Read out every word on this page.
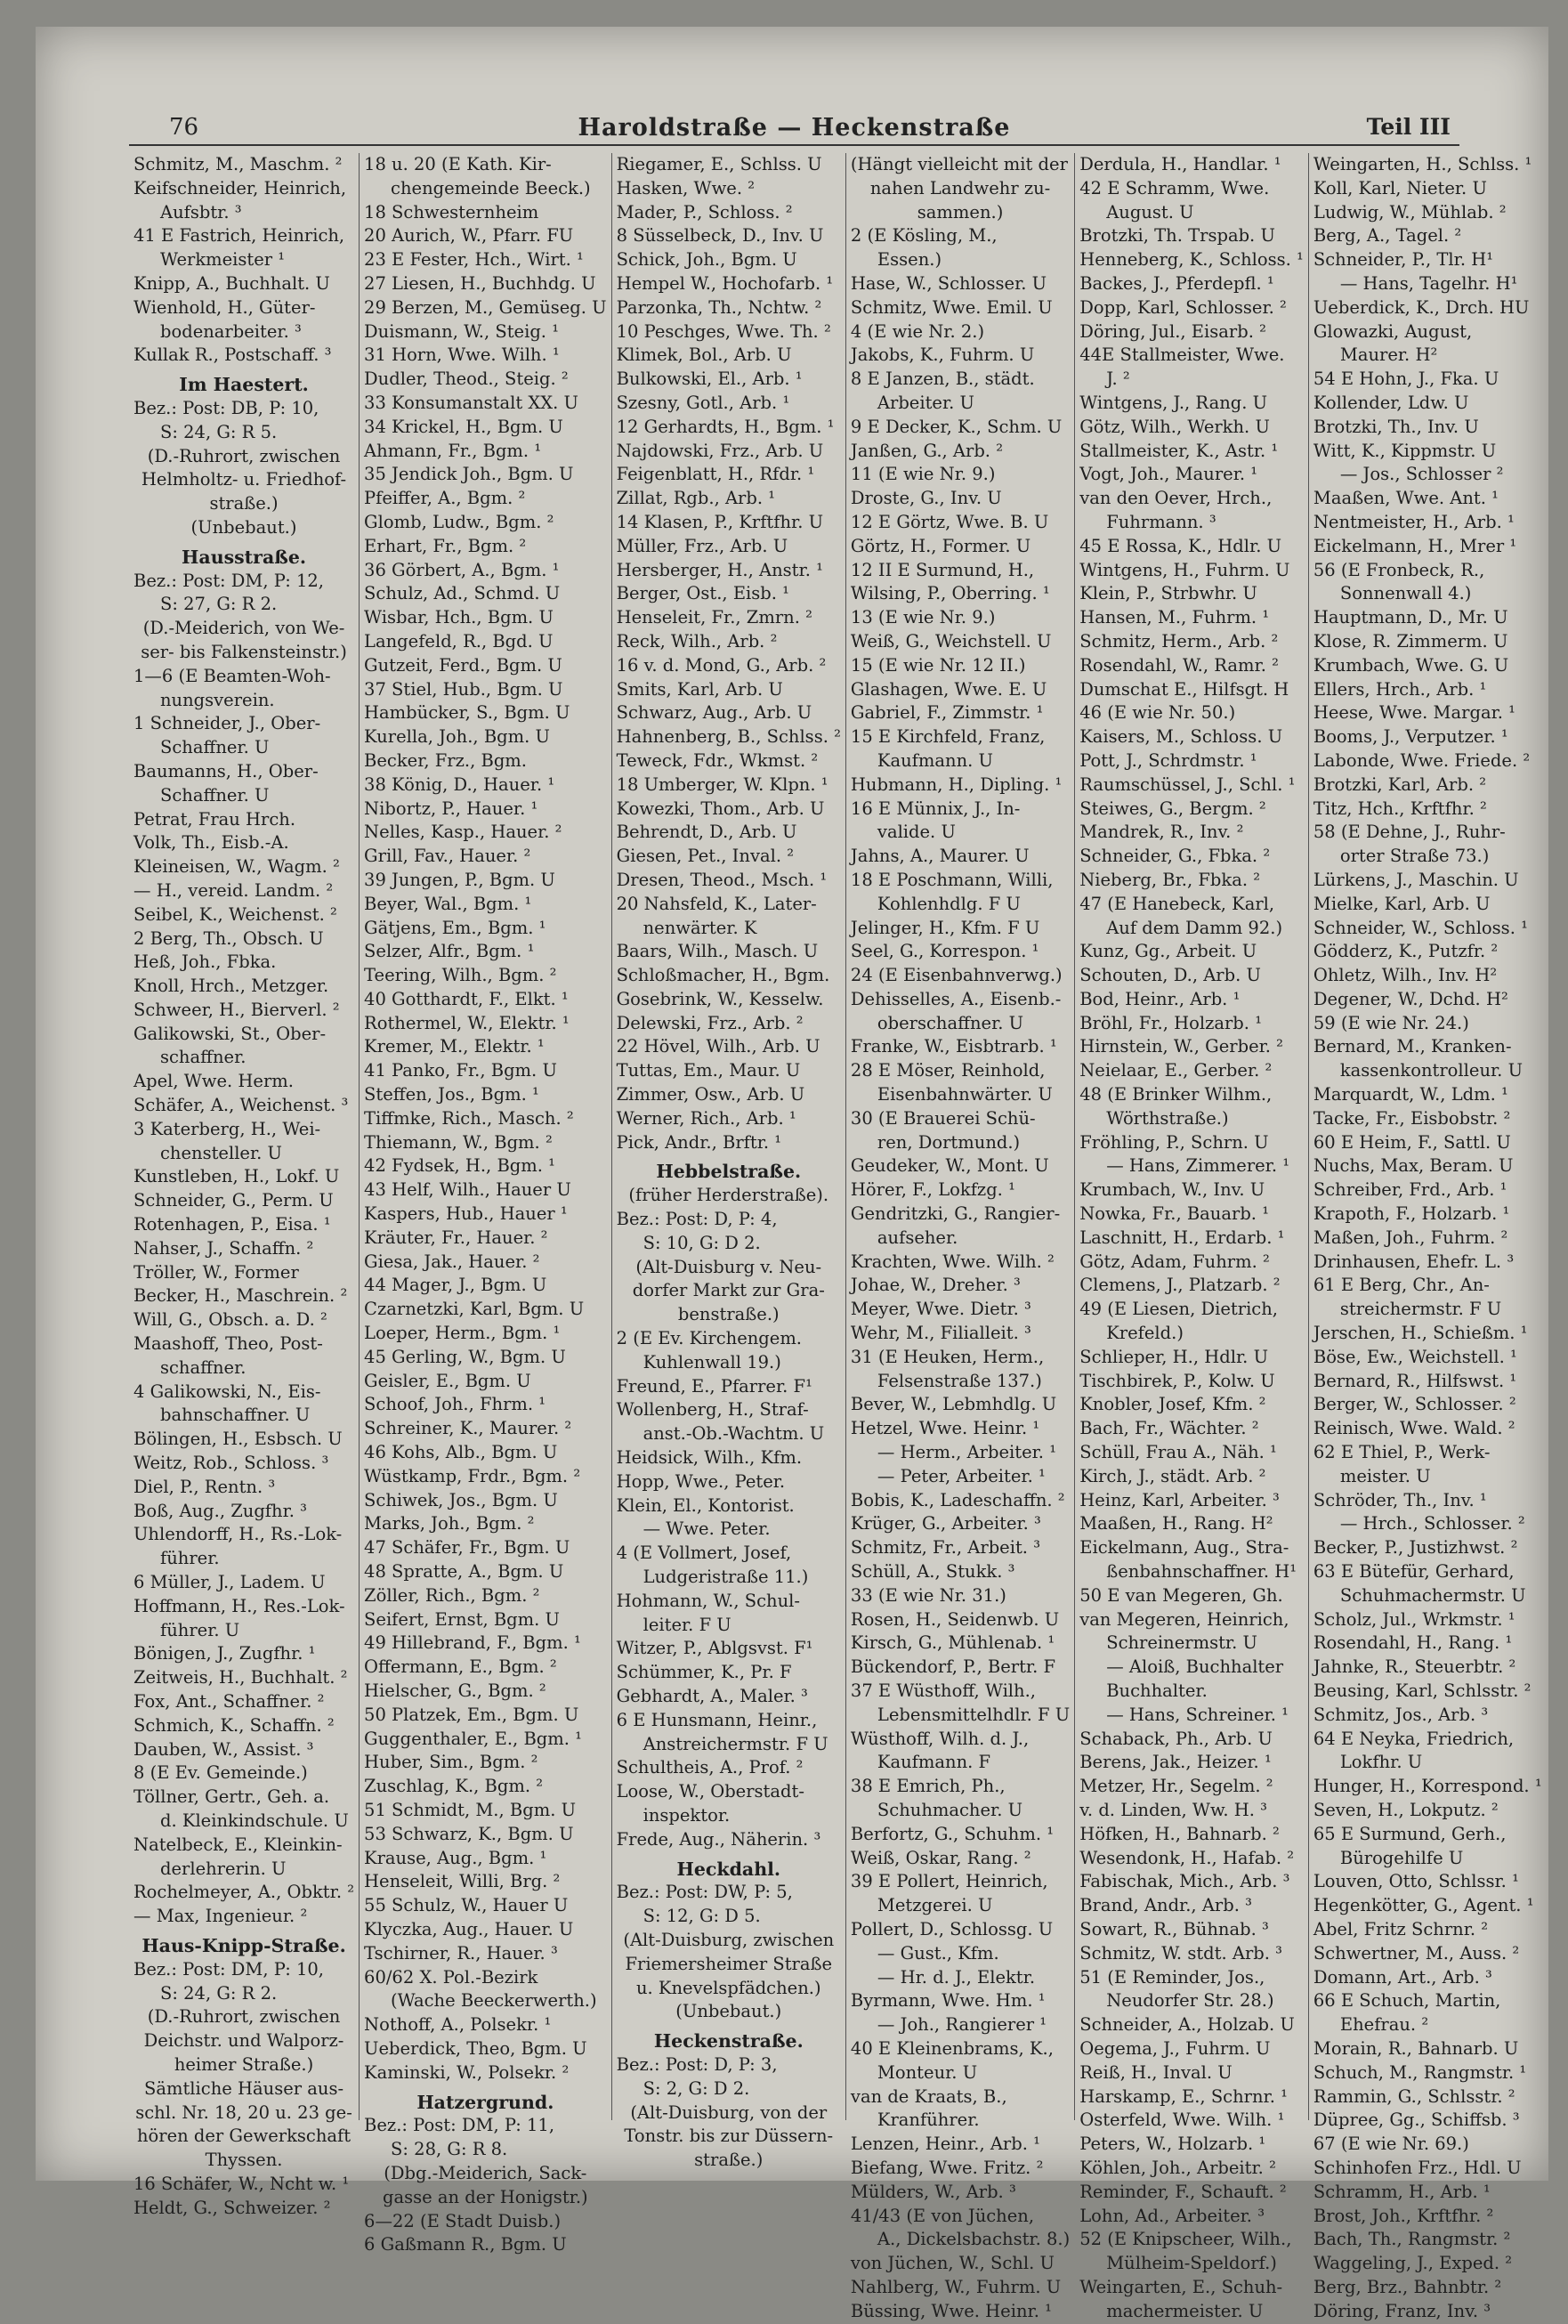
76	Haroldstraße — Heckenstraße	Teil III
Schmitz, M., Maschm. ²
Keifschneider, Heinrich,
Aufsbtr. ³
41 E Fastrich, Heinrich,
Werkmeister ¹
Knipp, A., Buchhalt. U
Wienhold, H., Güter-
bodenarbeiter. ³
Kullak R., Postschaff. ³
Im Haestert.
Bez.: Post: DB, P: 10,
S: 24, G: R 5.
(D.-Ruhrort, zwischen
Helmholtz- u. Friedhof-
straße.)
(Unbebaut.)
Hausstraße.
Bez.: Post: DM, P: 12,
S: 27, G: R 2.
(D.-Meiderich, von We-
ser- bis Falkensteinstr.)
1—6 (E Beamten-Woh-
nungsverein.
1 Schneider, J., Ober-
Schaffner. U
Baumanns, H., Ober-
Schaffner. U
Petrat, Frau Hrch.
Volk, Th., Eisb.-A.
Kleineisen, W., Wagm. ²
— H., vereid. Landm. ²
Seibel, K., Weichenst. ²
2 Berg, Th., Obsch. U
Heß, Joh., Fbka.
Knoll, Hrch., Metzger.
Schweer, H., Bierverl. ²
Galikowski, St., Ober-
schaffner.
Apel, Wwe. Herm.
Schäfer, A., Weichenst. ³
3 Katerberg, H., Wei-
chensteller. U
Kunstleben, H., Lokf. U
Schneider, G., Perm. U
Rotenhagen, P., Eisa. ¹
Nahser, J., Schaffn. ²
Tröller, W., Former
Becker, H., Maschrein. ²
Will, G., Obsch. a. D. ²
Maashoff, Theo, Post-
schaffner.
4 Galikowski, N., Eis-
bahnschaffner. U
Bölingen, H., Esbsch. U
Weitz, Rob., Schloss. ³
Diel, P., Rentn. ³
Boß, Aug., Zugfhr. ³
Uhlendorff, H., Rs.-Lok-
führer.
6 Müller, J., Ladem. U
Hoffmann, H., Res.-Lok-
führer. U
Bönigen, J., Zugfhr. ¹
Zeitweis, H., Buchhalt. ²
Fox, Ant., Schaffner. ²
Schmich, K., Schaffn. ²
Dauben, W., Assist. ³
8 (E Ev. Gemeinde.)
Töllner, Gertr., Geh. a.
d. Kleinkindschule. U
Natelbeck, E., Kleinkin-
derlehrerin. U
Rochelmeyer, A., Obktr. ²
— Max, Ingenieur. ²
Haus-Knipp-Straße.
Bez.: Post: DM, P: 10,
S: 24, G: R 2.
(D.-Ruhrort, zwischen
Deichstr. und Walporz-
heimer Straße.)
Sämtliche Häuser aus-
schl. Nr. 18, 20 u. 23 ge-
hören der Gewerkschaft
Thyssen.
16 Schäfer, W., Ncht w. ¹
Heldt, G., Schweizer. ²
18 u. 20 (E Kath. Kir-
chengemeinde Beeck.)
18 Schwesternheim
20 Aurich, W., Pfarr. FU
23 E Fester, Hch., Wirt. ¹
27 Liesen, H., Buchhdg. U
29 Berzen, M., Gemüseg. U
Duismann, W., Steig. ¹
31 Horn, Wwe. Wilh. ¹
Dudler, Theod., Steig. ²
33 Konsumanstalt XX. U
34 Krickel, H., Bgm. U
Ahmann, Fr., Bgm. ¹
35 Jendick Joh., Bgm. U
Pfeiffer, A., Bgm. ²
Glomb, Ludw., Bgm. ²
Erhart, Fr., Bgm. ²
36 Görbert, A., Bgm. ¹
Schulz, Ad., Schmd. U
Wisbar, Hch., Bgm. U
Langefeld, R., Bgd. U
Gutzeit, Ferd., Bgm. U
37 Stiel, Hub., Bgm. U
Hambücker, S., Bgm. U
Kurella, Joh., Bgm. U
Becker, Frz., Bgm.
38 König, D., Hauer. ¹
Nibortz, P., Hauer. ¹
Nelles, Kasp., Hauer. ²
Grill, Fav., Hauer. ²
39 Jungen, P., Bgm. U
Beyer, Wal., Bgm. ¹
Gätjens, Em., Bgm. ¹
Selzer, Alfr., Bgm. ¹
Teering, Wilh., Bgm. ²
40 Gotthardt, F., Elkt. ¹
Rothermel, W., Elektr. ¹
Kremer, M., Elektr. ¹
41 Panko, Fr., Bgm. U
Steffen, Jos., Bgm. ¹
Tiffmke, Rich., Masch. ²
Thiemann, W., Bgm. ²
42 Fydsek, H., Bgm. ¹
43 Helf, Wilh., Hauer U
Kaspers, Hub., Hauer ¹
Kräuter, Fr., Hauer. ²
Giesa, Jak., Hauer. ²
44 Mager, J., Bgm. U
Czarnetzki, Karl, Bgm. U
Loeper, Herm., Bgm. ¹
45 Gerling, W., Bgm. U
Geisler, E., Bgm. U
Schoof, Joh., Fhrm. ¹
Schreiner, K., Maurer. ²
46 Kohs, Alb., Bgm. U
Wüstkamp, Frdr., Bgm. ²
Schiwek, Jos., Bgm. U
Marks, Joh., Bgm. ²
47 Schäfer, Fr., Bgm. U
48 Spratte, A., Bgm. U
Zöller, Rich., Bgm. ²
Seifert, Ernst, Bgm. U
49 Hillebrand, F., Bgm. ¹
Offermann, E., Bgm. ²
Hielscher, G., Bgm. ²
50 Platzek, Em., Bgm. U
Guggenthaler, E., Bgm. ¹
Huber, Sim., Bgm. ²
Zuschlag, K., Bgm. ²
51 Schmidt, M., Bgm. U
53 Schwarz, K., Bgm. U
Krause, Aug., Bgm. ¹
Henseleit, Willi, Brg. ²
55 Schulz, W., Hauer U
Klyczka, Aug., Hauer. U
Tschirner, R., Hauer. ³
60/62 X. Pol.-Bezirk
(Wache Beeckerwerth.)
Nothoff, A., Polsekr. ¹
Ueberdick, Theo, Bgm. U
Kaminski, W., Polsekr. ²
Hatzergrund.
Bez.: Post: DM, P: 11,
S: 28, G: R 8.
(Dbg.-Meiderich, Sack-
gasse an der Honigstr.)
6—22 (E Stadt Duisb.)
6 Gaßmann R., Bgm. U
Riegamer, E., Schlss. U
Hasken, Wwe. ²
Mader, P., Schloss. ²
8 Süsselbeck, D., Inv. U
Schick, Joh., Bgm. U
Hempel W., Hochofarb. ¹
Parzonka, Th., Nchtw. ²
10 Peschges, Wwe. Th. ²
Klimek, Bol., Arb. U
Bulkowski, El., Arb. ¹
Szesny, Gotl., Arb. ¹
12 Gerhardts, H., Bgm. ¹
Najdowski, Frz., Arb. U
Feigenblatt, H., Rfdr. ¹
Zillat, Rgb., Arb. ¹
14 Klasen, P., Krftfhr. U
Müller, Frz., Arb. U
Hersberger, H., Anstr. ¹
Berger, Ost., Eisb. ¹
Henseleit, Fr., Zmrn. ²
Reck, Wilh., Arb. ²
16 v. d. Mond, G., Arb. ²
Smits, Karl, Arb. U
Schwarz, Aug., Arb. U
Hahnenberg, B., Schlss. ²
Teweck, Fdr., Wkmst. ²
18 Umberger, W. Klpn. ¹
Kowezki, Thom., Arb. U
Behrendt, D., Arb. U
Giesen, Pet., Inval. ²
Dresen, Theod., Msch. ¹
20 Nahsfeld, K., Later-
nenwärter. K
Baars, Wilh., Masch. U
Schloßmacher, H., Bgm.
Gosebrink, W., Kesselw.
Delewski, Frz., Arb. ²
22 Hövel, Wilh., Arb. U
Tuttas, Em., Maur. U
Zimmer, Osw., Arb. U
Werner, Rich., Arb. ¹
Pick, Andr., Brftr. ¹
Hebbelstraße.
(früher Herderstraße).
Bez.: Post: D, P: 4,
S: 10, G: D 2.
(Alt-Duisburg v. Neu-
dorfer Markt zur Gra-
benstraße.)
2 (E Ev. Kirchengem.
Kuhlenwall 19.)
Freund, E., Pfarrer. F¹
Wollenberg, H., Straf-
anst.-Ob.-Wachtm. U
Heidsick, Wilh., Kfm.
Hopp, Wwe., Peter.
Klein, El., Kontorist.
— Wwe. Peter.
4 (E Vollmert, Josef,
Ludgeristraße 11.)
Hohmann, W., Schul-
leiter. F U
Witzer, P., Ablgsvst. F¹
Schümmer, K., Pr. F
Gebhardt, A., Maler. ³
6 E Hunsmann, Heinr.,
Anstreichermstr. F U
Schultheis, A., Prof. ²
Loose, W., Oberstadt-
inspektor.
Frede, Aug., Näherin. ³
Heckdahl.
Bez.: Post: DW, P: 5,
S: 12, G: D 5.
(Alt-Duisburg, zwischen
Friemersheimer Straße
u. Knevelspfädchen.)
(Unbebaut.)
Heckenstraße.
Bez.: Post: D, P: 3,
S: 2, G: D 2.
(Alt-Duisburg, von der
Tonstr. bis zur Düssern-
straße.)
(Hängt vielleicht mit der
nahen Landwehr zu-
sammen.)
2 (E Kösling, M.,
Essen.)
Hase, W., Schlosser. U
Schmitz, Wwe. Emil. U
4 (E wie Nr. 2.)
Jakobs, K., Fuhrm. U
8 E Janzen, B., städt.
Arbeiter. U
9 E Decker, K., Schm. U
Janßen, G., Arb. ²
11 (E wie Nr. 9.)
Droste, G., Inv. U
12 E Görtz, Wwe. B. U
Görtz, H., Former. U
12 II E Surmund, H.,
Wilsing, P., Oberring. ¹
13 (E wie Nr. 9.)
Weiß, G., Weichstell. U
15 (E wie Nr. 12 II.)
Glashagen, Wwe. E. U
Gabriel, F., Zimmstr. ¹
15 E Kirchfeld, Franz,
Kaufmann. U
Hubmann, H., Dipling. ¹
16 E Münnix, J., In-
validе. U
Jahns, A., Maurer. U
18 E Poschmann, Willi,
Kohlenhdlg. F U
Jelinger, H., Kfm. F U
Seel, G., Korrespon. ¹
24 (E Eisenbahnverwg.)
Dehisselles, A., Eisenb.-
oberschaffner. U
Franke, W., Eisbtrarb. ¹
28 E Möser, Reinhold,
Eisenbahnwärter. U
30 (E Brauerei Schü-
ren, Dortmund.)
Geudeker, W., Mont. U
Hörer, F., Lokfzg. ¹
Gendritzki, G., Rangier-
aufseher.
Krachten, Wwe. Wilh. ²
Johae, W., Dreher. ³
Meyer, Wwe. Dietr. ³
Wehr, M., Filialleit. ³
31 (E Heuken, Herm.,
Felsenstraße 137.)
Bever, W., Lebmhdlg. U
Hetzel, Wwe. Heinr. ¹
— Herm., Arbeiter. ¹
— Peter, Arbeiter. ¹
Bobis, K., Ladeschaffn. ²
Krüger, G., Arbeiter. ³
Schmitz, Fr., Arbeit. ³
Schüll, A., Stukk. ³
33 (E wie Nr. 31.)
Rosen, H., Seidenwb. U
Kirsch, G., Mühlenab. ¹
Bückendorf, P., Bertr. F
37 E Wüsthoff, Wilh.,
Lebensmittelhdlr. F U
Wüsthoff, Wilh. d. J.,
Kaufmann. F
38 E Emrich, Ph.,
Schuhmacher. U
Berfortz, G., Schuhm. ¹
Weiß, Oskar, Rang. ²
39 E Pollert, Heinrich,
Metzgerei. U
Pollert, D., Schlossg. U
— Gust., Kfm.
— Hr. d. J., Elektr.
Byrmann, Wwe. Hm. ¹
— Joh., Rangierer ¹
40 E Kleinenbrams, K.,
Monteur. U
van de Kraats, B.,
Kranführer.
Lenzen, Heinr., Arb. ¹
Biefang, Wwe. Fritz. ²
Mülders, W., Arb. ³
41/43 (E von Jüchen,
A., Dickelsbachstr. 8.)
von Jüchen, W., Schl. U
Nahlberg, W., Fuhrm. U
Büssing, Wwe. Heinr. ¹
Derdula, H., Handlar. ¹
42 E Schramm, Wwe.
August. U
Brotzki, Th. Trspab. U
Henneberg, K., Schloss. ¹
Backes, J., Pferdepfl. ¹
Dopp, Karl, Schlosser. ²
Döring, Jul., Eisarb. ²
44E Stallmeister, Wwe.
J. ²
Wintgens, J., Rang. U
Götz, Wilh., Werkh. U
Stallmeister, K., Astr. ¹
Vogt, Joh., Maurer. ¹
van den Oever, Hrch.,
Fuhrmann. ³
45 E Rossa, K., Hdlr. U
Wintgens, H., Fuhrm. U
Klein, P., Strbwhr. U
Hansen, M., Fuhrm. ¹
Schmitz, Herm., Arb. ²
Rosendahl, W., Ramr. ²
Dumschat E., Hilfsgt. H
46 (E wie Nr. 50.)
Kaisers, M., Schloss. U
Pott, J., Schrdmstr. ¹
Raumschüssel, J., Schl. ¹
Steiwes, G., Bergm. ²
Mandrek, R., Inv. ²
Schneider, G., Fbka. ²
Nieberg, Br., Fbka. ²
47 (E Hanebeck, Karl,
Auf dem Damm 92.)
Kunz, Gg., Arbeit. U
Schouten, D., Arb. U
Bod, Heinr., Arb. ¹
Bröhl, Fr., Holzarb. ¹
Hirnstein, W., Gerber. ²
Neielaar, E., Gerber. ²
48 (E Brinker Wilhm.,
Wörthstraße.)
Fröhling, P., Schrn. U
— Hans, Zimmerer. ¹
Krumbach, W., Inv. U
Nowka, Fr., Bauarb. ¹
Laschnitt, H., Erdarb. ¹
Götz, Adam, Fuhrm. ²
Clemens, J., Platzarb. ²
49 (E Liesen, Dietrich,
Krefeld.)
Schlieper, H., Hdlr. U
Tischbirek, P., Kolw. U
Knobler, Josef, Kfm. ²
Bach, Fr., Wächter. ²
Schüll, Frau A., Näh. ¹
Kirch, J., städt. Arb. ²
Heinz, Karl, Arbeiter. ³
Maaßen, H., Rang. H²
Eickelmann, Aug., Stra-
ßenbahnschaffner. H¹
50 E van Megeren, Gh.
van Megeren, Heinrich,
Schreinermstr. U
— Aloiß, Buchhalter
Buchhalter.
— Hans, Schreiner. ¹
Schaback, Ph., Arb. U
Berens, Jak., Heizer. ¹
Metzer, Hr., Segelm. ²
v. d. Linden, Ww. H. ³
Höfken, H., Bahnarb. ²
Wesendonk, H., Hafab. ²
Fabischak, Mich., Arb. ³
Brand, Andr., Arb. ³
Sowart, R., Bühnab. ³
Schmitz, W. stdt. Arb. ³
51 (E Reminder, Jos.,
Neudorfer Str. 28.)
Schneider, A., Holzab. U
Oegema, J., Fuhrm. U
Reiß, H., Inval. U
Harskamp, E., Schrnr. ¹
Osterfeld, Wwe. Wilh. ¹
Peters, W., Holzarb. ¹
Köhlen, Joh., Arbeitr. ²
Reminder, F., Schauft. ²
Lohn, Ad., Arbeiter. ³
52 (E Knipscheer, Wilh.,
Mülheim-Speldorf.)
Weingarten, E., Schuh-
machermeister. U
Weingarten, H., Schlss. ¹
Koll, Karl, Nieter. U
Ludwig, W., Mühlab. ²
Berg, A., Tagel. ²
Schneider, P., Tlr. H¹
— Hans, Tagelhr. H¹
Ueberdick, K., Drch. HU
Glowazki, August,
Maurer. H²
54 E Hohn, J., Fka. U
Kollender, Ldw. U
Brotzki, Th., Inv. U
Witt, K., Kippmstr. U
— Jos., Schlosser ²
Maaßen, Wwe. Ant. ¹
Nentmeister, H., Arb. ¹
Eickelmann, H., Mrer ¹
56 (E Fronbeck, R.,
Sonnenwall 4.)
Hauptmann, D., Mr. U
Klose, R. Zimmerm. U
Krumbach, Wwe. G. U
Ellers, Hrch., Arb. ¹
Heese, Wwe. Margar. ¹
Booms, J., Verputzer. ¹
Labonde, Wwe. Friede. ²
Brotzki, Karl, Arb. ²
Titz, Hch., Krftfhr. ²
58 (E Dehne, J., Ruhr-
orter Straße 73.)
Lürkens, J., Maschin. U
Mielke, Karl, Arb. U
Schneider, W., Schloss. ¹
Gödderz, K., Putzfr. ²
Ohletz, Wilh., Inv. H²
Degener, W., Dchd. H²
59 (E wie Nr. 24.)
Bernard, M., Kranken-
kassenkontrolleur. U
Marquardt, W., Ldm. ¹
Tacke, Fr., Eisbobstr. ²
60 E Heim, F., Sattl. U
Nuchs, Max, Beram. U
Schreiber, Frd., Arb. ¹
Krapoth, F., Holzarb. ¹
Maßen, Joh., Fuhrm. ²
Drinhausen, Ehefr. L. ³
61 E Berg, Chr., An-
streichermstr. F U
Jerschen, H., Schießm. ¹
Böse, Ew., Weichstell. ¹
Bernard, R., Hilfswst. ¹
Berger, W., Schlosser. ²
Reinisch, Wwe. Wald. ²
62 E Thiel, P., Werk-
meister. U
Schröder, Th., Inv. ¹
— Hrch., Schlosser. ²
Becker, P., Justizhwst. ²
63 E Bütefür, Gerhard,
Schuhmachermstr. U
Scholz, Jul., Wrkmstr. ¹
Rosendahl, H., Rang. ¹
Jahnke, R., Steuerbtr. ²
Beusing, Karl, Schlsstr. ²
Schmitz, Jos., Arb. ³
64 E Neyka, Friedrich,
Lokfhr. U
Hunger, H., Korrespond. ¹
Seven, H., Lokputz. ²
65 E Surmund, Gerh.,
Bürogehilfe U
Louven, Otto, Schlssr. ¹
Hegenkötter, G., Agent. ¹
Abel, Fritz Schrnr. ²
Schwertner, M., Auss. ²
Domann, Art., Arb. ³
66 E Schuch, Martin,
Ehefrau. ²
Morain, R., Bahnarb. U
Schuch, M., Rangmstr. ¹
Rammin, G., Schlsstr. ²
Düpree, Gg., Schiffsb. ³
67 (E wie Nr. 69.)
Schinhofen Frz., Hdl. U
Schramm, H., Arb. ¹
Brost, Joh., Krftfhr. ²
Bach, Th., Rangmstr. ²
Waggeling, J., Exped. ²
Berg, Brz., Bahnbtr. ²
Döring, Franz, Inv. ³
